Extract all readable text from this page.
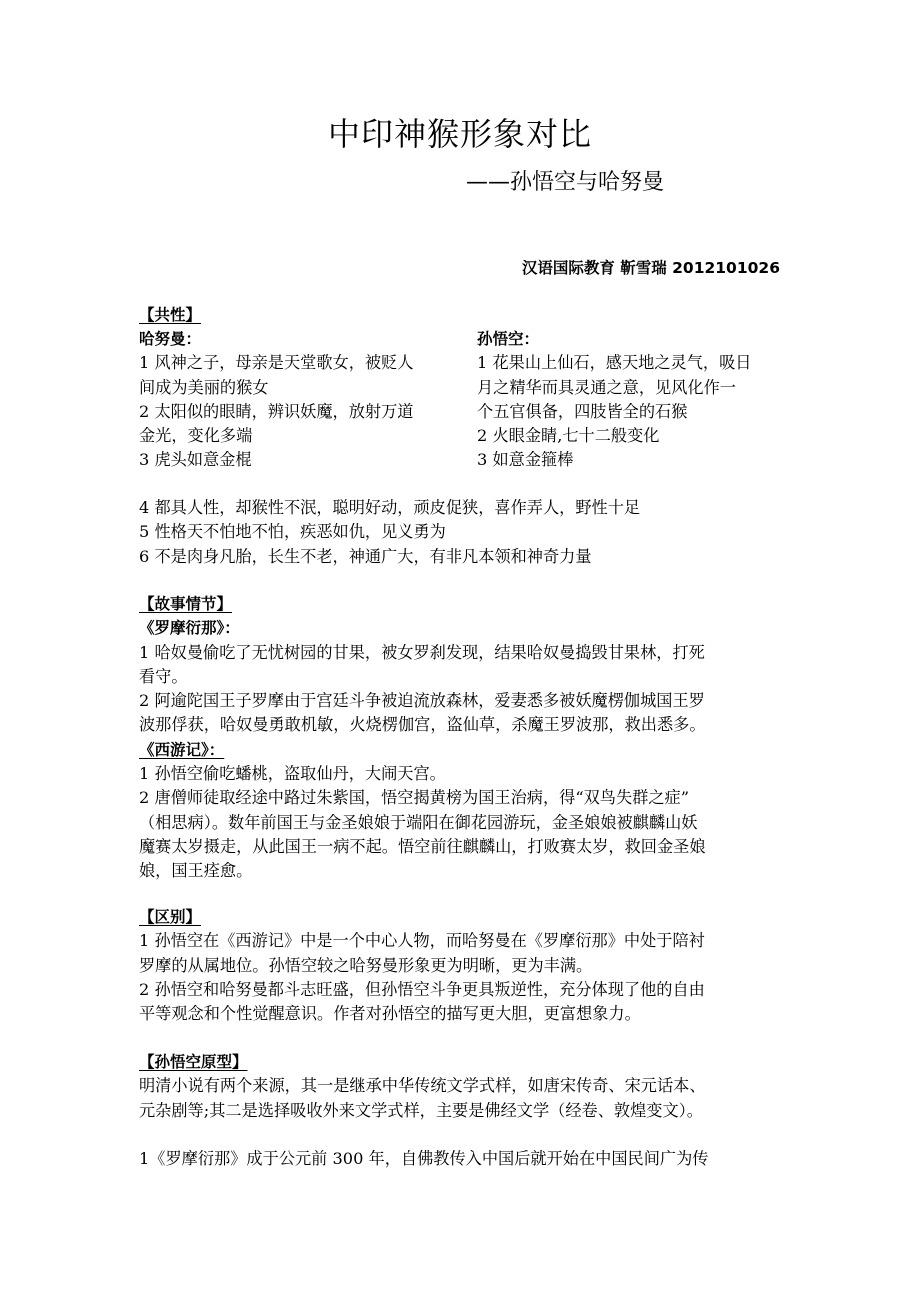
中印神猴形象对比
——孙悟空与哈努曼
汉语国际教育 靳雪瑞 2012101026
【共性】
哈努曼：
1 风神之子，母亲是天堂歌女，被贬人
间成为美丽的猴女
2 太阳似的眼睛，辨识妖魔，放射万道
金光，变化多端
3 虎头如意金棍
孙悟空：
1 花果山上仙石，感天地之灵气，吸日
月之精华而具灵通之意，见风化作一
个五官俱备，四肢皆全的石猴
2 火眼金睛,七十二般变化
3 如意金箍棒
4 都具人性，却猴性不泯，聪明好动，顽皮促狭，喜作弄人，野性十足
5 性格天不怕地不怕，疾恶如仇，见义勇为
6 不是肉身凡胎，长生不老，神通广大，有非凡本领和神奇力量
【故事情节】
《罗摩衍那》：
1 哈奴曼偷吃了无忧树园的甘果，被女罗刹发现，结果哈奴曼捣毁甘果林，打死
看守。
2 阿逾陀国王子罗摩由于宫廷斗争被迫流放森林，爱妻悉多被妖魔楞伽城国王罗
波那俘获，哈奴曼勇敢机敏，火烧楞伽宫，盗仙草，杀魔王罗波那，救出悉多。
《西游记》：
1 孙悟空偷吃蟠桃，盗取仙丹，大闹天宫。
2 唐僧师徒取经途中路过朱紫国，悟空揭黄榜为国王治病，得“双鸟失群之症”
（相思病）。数年前国王与金圣娘娘于端阳在御花园游玩，金圣娘娘被麒麟山妖
魔赛太岁摄走，从此国王一病不起。悟空前往麒麟山，打败赛太岁，救回金圣娘
娘，国王痊愈。
【区别】
1 孙悟空在《西游记》中是一个中心人物，而哈努曼在《罗摩衍那》中处于陪衬
罗摩的从属地位。孙悟空较之哈努曼形象更为明晰，更为丰满。
2 孙悟空和哈努曼都斗志旺盛，但孙悟空斗争更具叛逆性，充分体现了他的自由
平等观念和个性觉醒意识。作者对孙悟空的描写更大胆，更富想象力。
【孙悟空原型】
明清小说有两个来源，其一是继承中华传统文学式样，如唐宋传奇、宋元话本、
元杂剧等;其二是选择吸收外来文学式样，主要是佛经文学（经卷、敦煌变文）。
1《罗摩衍那》成于公元前 300 年，自佛教传入中国后就开始在中国民间广为传
